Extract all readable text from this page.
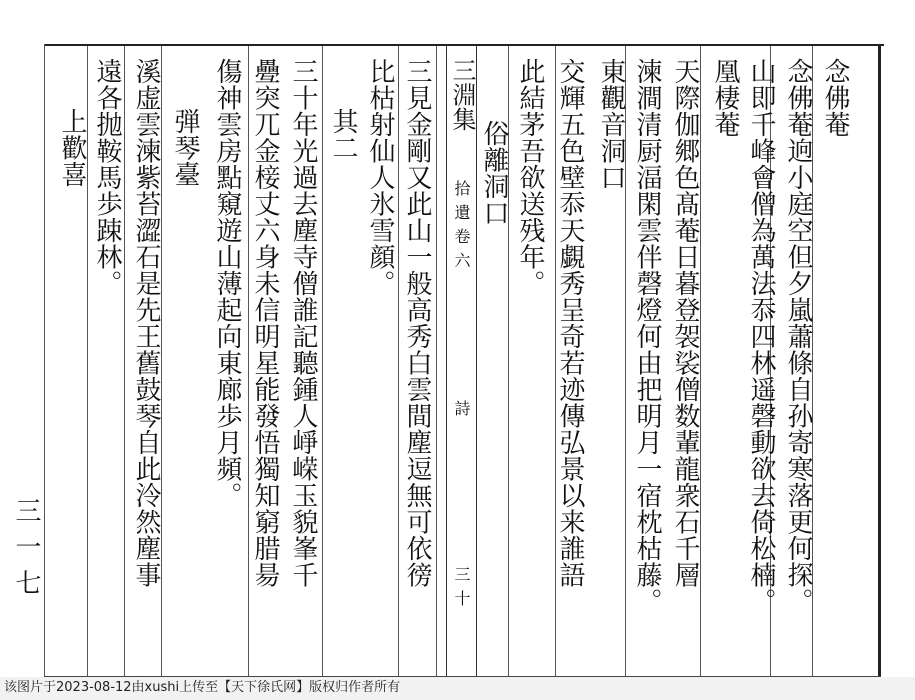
念佛菴
念佛菴逈小庭空但夕嵐蕭條自孙寄寒落更何探。
山即千峰會僧為萬法忝四林遥磬動欲去倚松楠。
凰棲菴
天際伽郷色髙菴日暮登袈裟僧数輩龍衆石千層
湅澗清厨湢閑雲伴磬燈何由把明月一宿枕枯藤。
東觀音洞口
交輝五色壁忝天覷秀呈奇若迹傳弘景以来誰語
此結茅吾欲送残年。
俗離洞口
三淵集
拾遺卷六
詩
三十
三見金剛又此山一般高秀白雲間塵逗無可依徬
比枯射仙人氷雪顔。
其二
三十年光過去塵寺僧誰記聽鍾人崢嵘玉貌峯千
疉突兀金椄丈六身未信明星能發悟獨知窮腊昜
傷神雲房點窺遊山薄起向東廊歩月頻。
弾琴臺
溪虚雲湅紫苔澀石是先王舊鼓琴自此泠然塵事
遠各抛鞍馬歩踈林。
上歡喜
三一七
该图片于2023-08-12由xushi上传至【天下徐氏网】版权归作者所有
